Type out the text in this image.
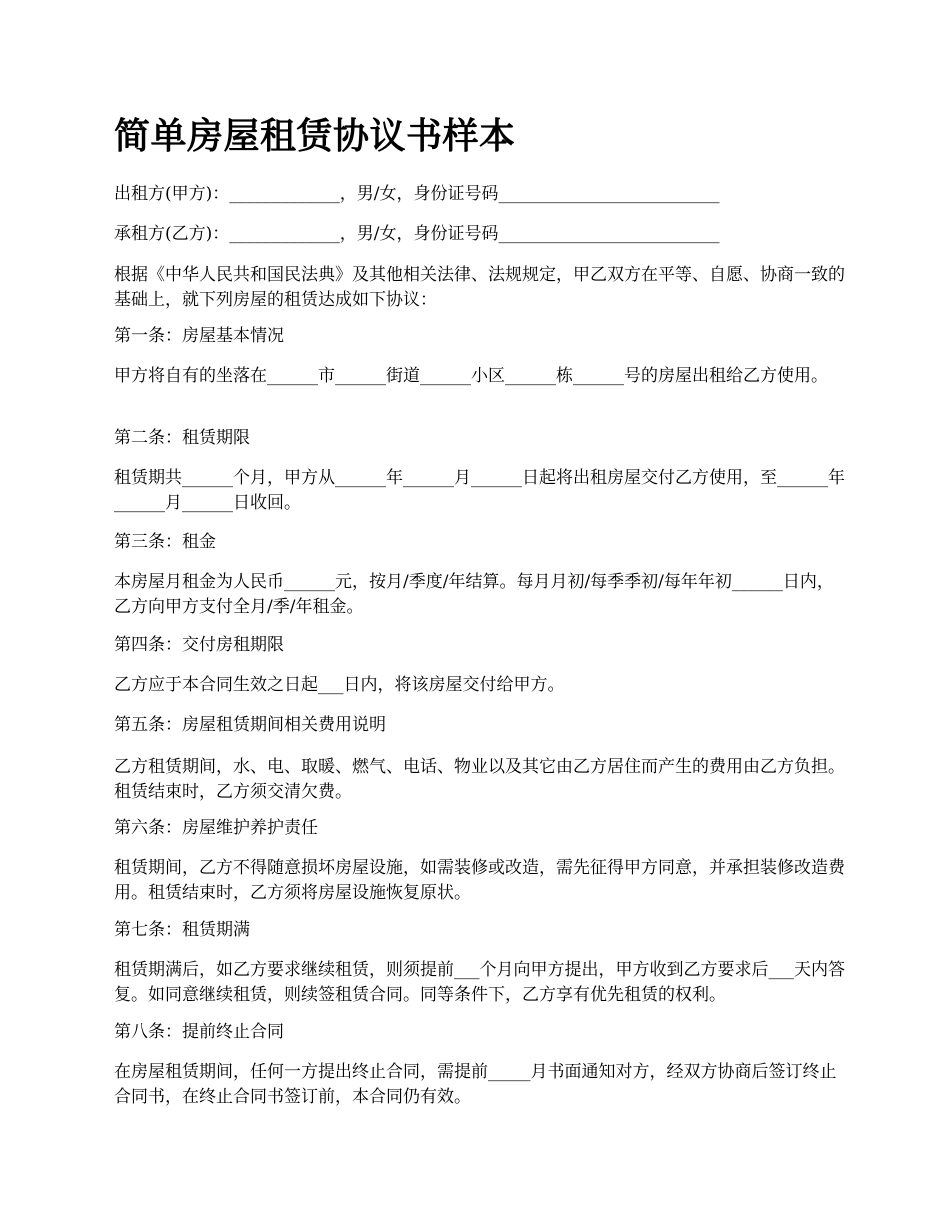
简单房屋租赁协议书样本

出租方(甲方)：_____________，男/女，身份证号码__________________________

承租方(乙方)：_____________，男/女，身份证号码__________________________

根据《中华人民共和国民法典》及其他相关法律、法规规定，甲乙双方在平等、自愿、协商一致的基础上，就下列房屋的租赁达成如下协议：

第一条：房屋基本情况

甲方将自有的坐落在______市______街道______小区______栋______号的房屋出租给乙方使用。

第二条：租赁期限

租赁期共______个月，甲方从______年______月______日起将出租房屋交付乙方使用，至______年______月______日收回。

第三条：租金

本房屋月租金为人民币______元，按月/季度/年结算。每月月初/每季季初/每年年初______日内，乙方向甲方支付全月/季/年租金。

第四条：交付房租期限

乙方应于本合同生效之日起___日内，将该房屋交付给甲方。

第五条：房屋租赁期间相关费用说明

乙方租赁期间，水、电、取暖、燃气、电话、物业以及其它由乙方居住而产生的费用由乙方负担。租赁结束时，乙方须交清欠费。

第六条：房屋维护养护责任

租赁期间，乙方不得随意损坏房屋设施，如需装修或改造，需先征得甲方同意，并承担装修改造费用。租赁结束时，乙方须将房屋设施恢复原状。

第七条：租赁期满

租赁期满后，如乙方要求继续租赁，则须提前___个月向甲方提出，甲方收到乙方要求后___天内答复。如同意继续租赁，则续签租赁合同。同等条件下，乙方享有优先租赁的权利。

第八条：提前终止合同

在房屋租赁期间，任何一方提出终止合同，需提前_____月书面通知对方，经双方协商后签订终止合同书，在终止合同书签订前，本合同仍有效。
